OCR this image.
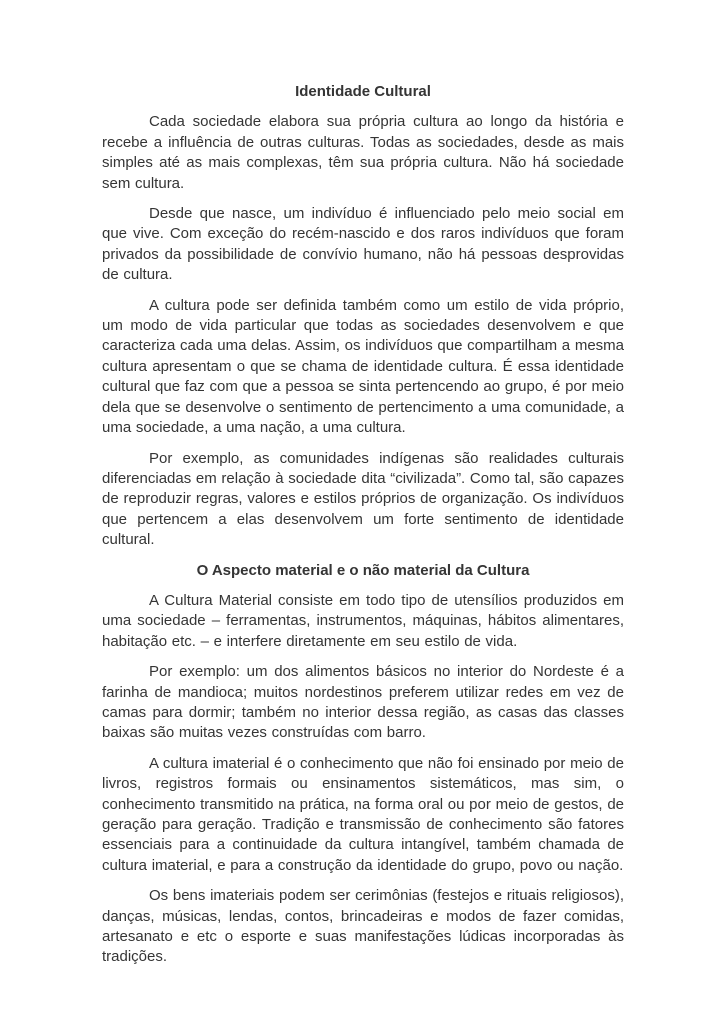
Identidade Cultural

Cada sociedade elabora sua própria cultura ao longo da história e recebe a influência de outras culturas. Todas as sociedades, desde as mais simples até as mais complexas, têm sua própria cultura. Não há sociedade sem cultura.

Desde que nasce, um indivíduo é influenciado pelo meio social em que vive. Com exceção do recém-nascido e dos raros indivíduos que foram privados da possibilidade de convívio humano, não há pessoas desprovidas de cultura.

A cultura pode ser definida também como um estilo de vida próprio, um modo de vida particular que todas as sociedades desenvolvem e que caracteriza cada uma delas. Assim, os indivíduos que compartilham a mesma cultura apresentam o que se chama de identidade cultura. É essa identidade cultural que faz com que a pessoa se sinta pertencendo ao grupo, é por meio dela que se desenvolve o sentimento de pertencimento a uma comunidade, a uma sociedade, a uma nação, a uma cultura.

Por exemplo, as comunidades indígenas são realidades culturais diferenciadas em relação à sociedade dita “civilizada”. Como tal, são capazes de reproduzir regras, valores e estilos próprios de organização. Os indivíduos que pertencem a elas desenvolvem um forte sentimento de identidade cultural.

O Aspecto material e o não material da Cultura

A Cultura Material consiste em todo tipo de utensílios produzidos em uma sociedade – ferramentas, instrumentos, máquinas, hábitos alimentares, habitação etc. – e interfere diretamente em seu estilo de vida.

Por exemplo: um dos alimentos básicos no interior do Nordeste é a farinha de mandioca; muitos nordestinos preferem utilizar redes em vez de camas para dormir; também no interior dessa região, as casas das classes baixas são muitas vezes construídas com barro.

A cultura imaterial é o conhecimento que não foi ensinado por meio de livros, registros formais ou ensinamentos sistemáticos, mas sim, o conhecimento transmitido na prática, na forma oral ou por meio de gestos, de geração para geração. Tradição e transmissão de conhecimento são fatores essenciais para a continuidade da cultura intangível, também chamada de cultura imaterial, e para a construção da identidade do grupo, povo ou nação.

Os bens imateriais podem ser cerimônias (festejos e rituais religiosos), danças, músicas, lendas, contos, brincadeiras e modos de fazer comidas, artesanato e etc o esporte e suas manifestações lúdicas incorporadas às tradições.
